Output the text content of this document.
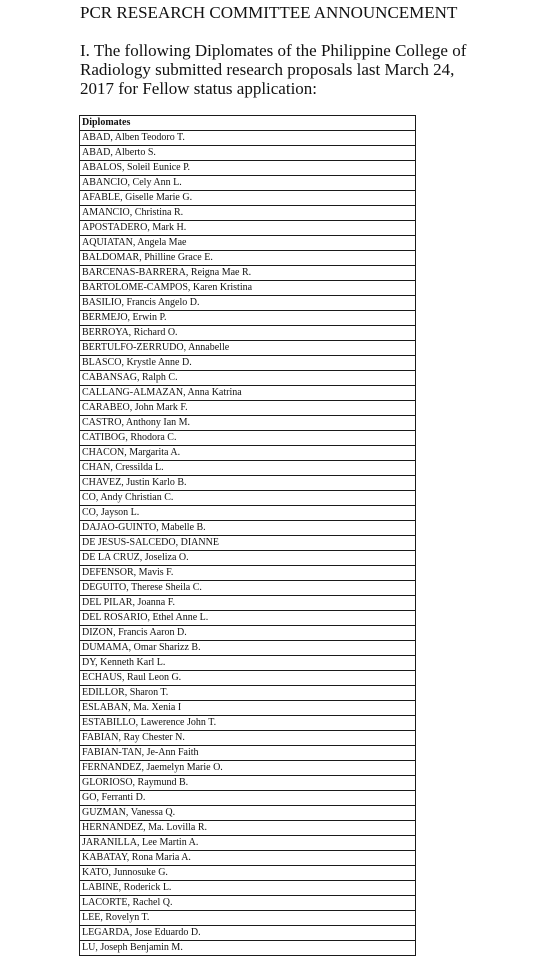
PCR RESEARCH COMMITTEE ANNOUNCEMENT
I. The following Diplomates of the Philippine College of
Radiology submitted research proposals last March 24,
2017 for Fellow status application:
Diplomates
ABAD, Alben Teodoro T.
ABAD, Alberto S.
ABALOS, Soleil Eunice P.
ABANCIO, Cely Ann L.
AFABLE, Giselle Marie G.
AMANCIO, Christina R.
APOSTADERO, Mark H.
AQUIATAN, Angela Mae
BALDOMAR, Philline Grace E.
BARCENAS-BARRERA, Reigna Mae R.
BARTOLOME-CAMPOS, Karen Kristina
BASILIO, Francis Angelo D.
BERMEJO, Erwin P.
BERROYA, Richard O.
BERTULFO-ZERRUDO, Annabelle
BLASCO, Krystle Anne D.
CABANSAG, Ralph C.
CALLANG-ALMAZAN, Anna Katrina
CARABEO, John Mark F.
CASTRO, Anthony Ian M.
CATIBOG, Rhodora C.
CHACON, Margarita A.
CHAN, Cressilda L.
CHAVEZ, Justin Karlo B.
CO, Andy Christian C.
CO, Jayson L.
DAJAO-GUINTO, Mabelle B.
DE JESUS-SALCEDO, DIANNE
DE LA CRUZ, Joseliza O.
DEFENSOR, Mavis F.
DEGUITO, Therese Sheila C.
DEL PILAR, Joanna F.
DEL ROSARIO, Ethel Anne L.
DIZON, Francis Aaron D.
DUMAMA, Omar Sharizz B.
DY, Kenneth Karl L.
ECHAUS, Raul Leon G.
EDILLOR, Sharon T.
ESLABAN, Ma. Xenia I
ESTABILLO, Lawerence John T.
FABIAN, Ray Chester N.
FABIAN-TAN, Je-Ann Faith
FERNANDEZ, Jaemelyn Marie O.
GLORIOSO, Raymund B.
GO, Ferranti D.
GUZMAN, Vanessa Q.
HERNANDEZ, Ma. Lovilla R.
JARANILLA, Lee Martin A.
KABATAY, Rona Maria A.
KATO, Junnosuke G.
LABINE, Roderick L.
LACORTE, Rachel Q.
LEE, Rovelyn T.
LEGARDA, Jose Eduardo D.
LU, Joseph Benjamin M.
